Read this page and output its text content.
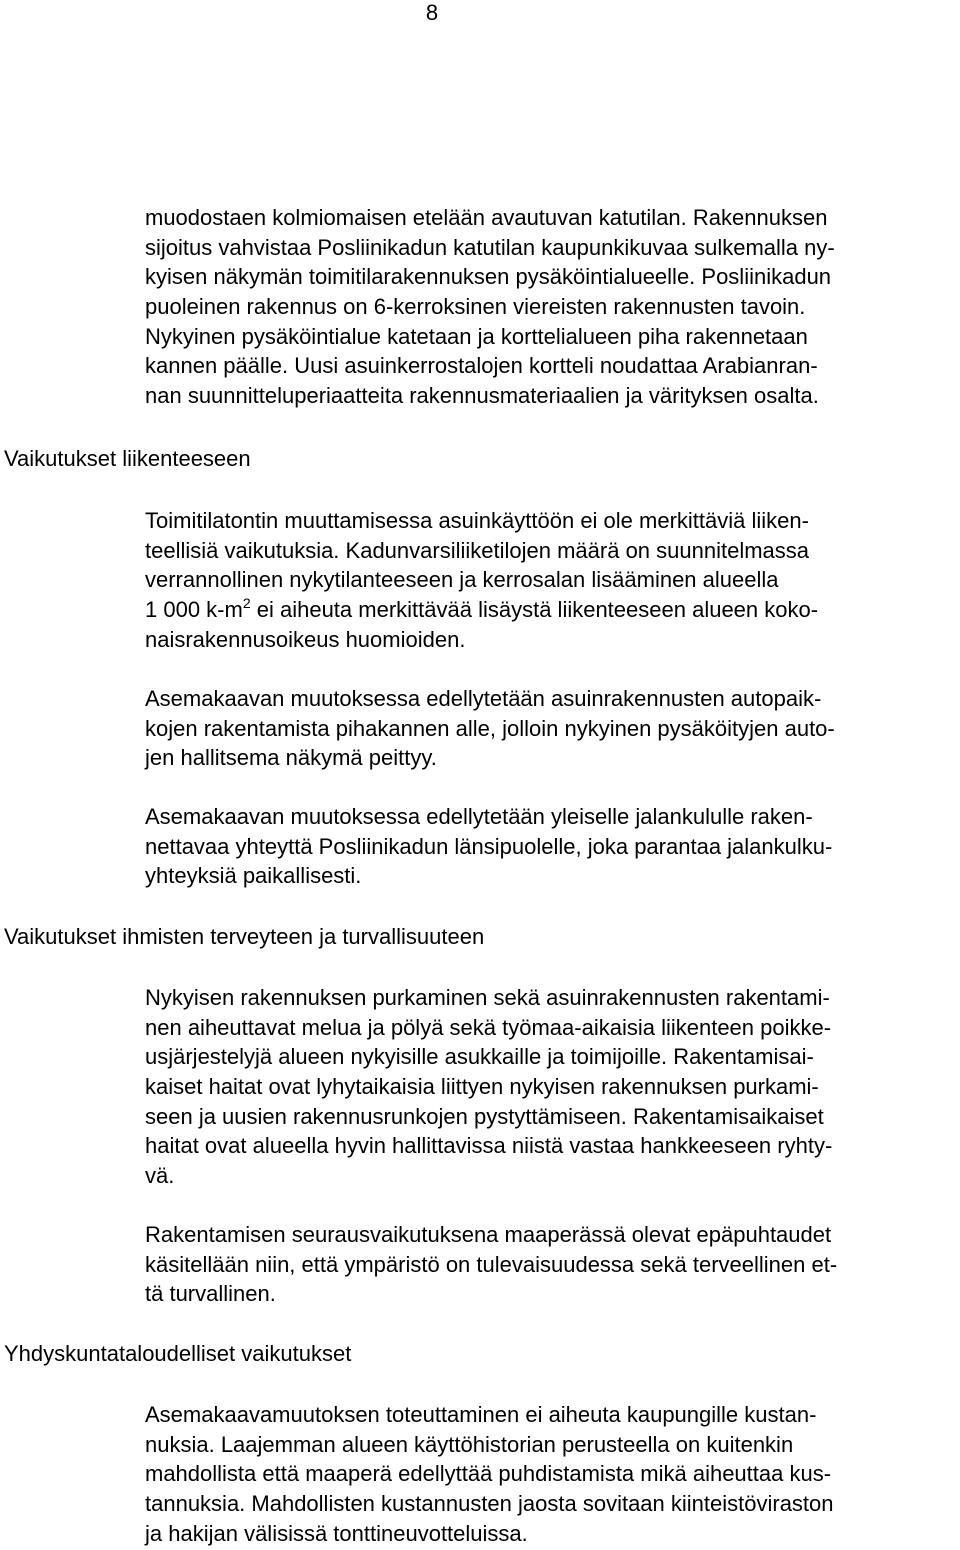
8
muodostaen kolmiomaisen etelään avautuvan katutilan. Rakennuksen
sijoitus vahvistaa Posliinikadun katutilan kaupunkikuvaa sulkemalla ny-
kyisen näkymän toimitilarakennuksen pysäköintialueelle. Posliinikadun
puoleinen rakennus on 6-kerroksinen viereisten rakennusten tavoin.
Nykyinen pysäköintialue katetaan ja korttelialueen piha rakennetaan
kannen päälle. Uusi asuinkerrostalojen kortteli noudattaa Arabianran-
nan suunnitteluperiaatteita rakennusmateriaalien ja värityksen osalta.
Vaikutukset liikenteeseen
Toimitilatontin muuttamisessa asuinkäyttöön ei ole merkittäviä liiken-
teellisiä vaikutuksia. Kadunvarsiliiketilojen määrä on suunnitelmassa
verrannollinen nykytilanteeseen ja kerrosalan lisääminen alueella
1 000 $k-m^2$ ei aiheuta merkittävää lisäystä liikenteeseen alueen koko-
naisrakennusoikeus huomioiden.
Asemakaavan muutoksessa edellytetään asuinrakennusten autopaik-
kojen rakentamista pihakannen alle, jolloin nykyinen pysäköityjen auto-
jen hallitsema näkymä peittyy.
Asemakaavan muutoksessa edellytetään yleiselle jalankululle raken-
nettavaa yhteyttä Posliinikadun länsipuolelle, joka parantaa jalankulku-
yhteyksiä paikallisesti.
Vaikutukset ihmisten terveyteen ja turvallisuuteen
Nykyisen rakennuksen purkaminen sekä asuinrakennusten rakentami-
nen aiheuttavat melua ja pölyä sekä työmaa-aikaisia liikenteen poikke-
usjärjestelyjä alueen nykyisille asukkaille ja toimijoille. Rakentamisai-
kaiset haitat ovat lyhytaikaisia liittyen nykyisen rakennuksen purkami-
seen ja uusien rakennusrunkojen pystyttämiseen. Rakentamisaikaiset
haitat ovat alueella hyvin hallittavissa niistä vastaa hankkeeseen ryhty-
vä.
Rakentamisen seurausvaikutuksena maaperässä olevat epäpuhtaudet
käsitellään niin, että ympäristö on tulevaisuudessa sekä terveellinen et-
tä turvallinen.
Yhdyskuntataloudelliset vaikutukset
Asemakaavamuutoksen toteuttaminen ei aiheuta kaupungille kustan-
nuksia. Laajemman alueen käyttöhistorian perusteella on kuitenkin
mahdollista että maaperä edellyttää puhdistamista mikä aiheuttaa kus-
tannuksia. Mahdollisten kustannusten jaosta sovitaan kiinteistöviraston
ja hakijan välisissä tonttineuvotteluissa.
